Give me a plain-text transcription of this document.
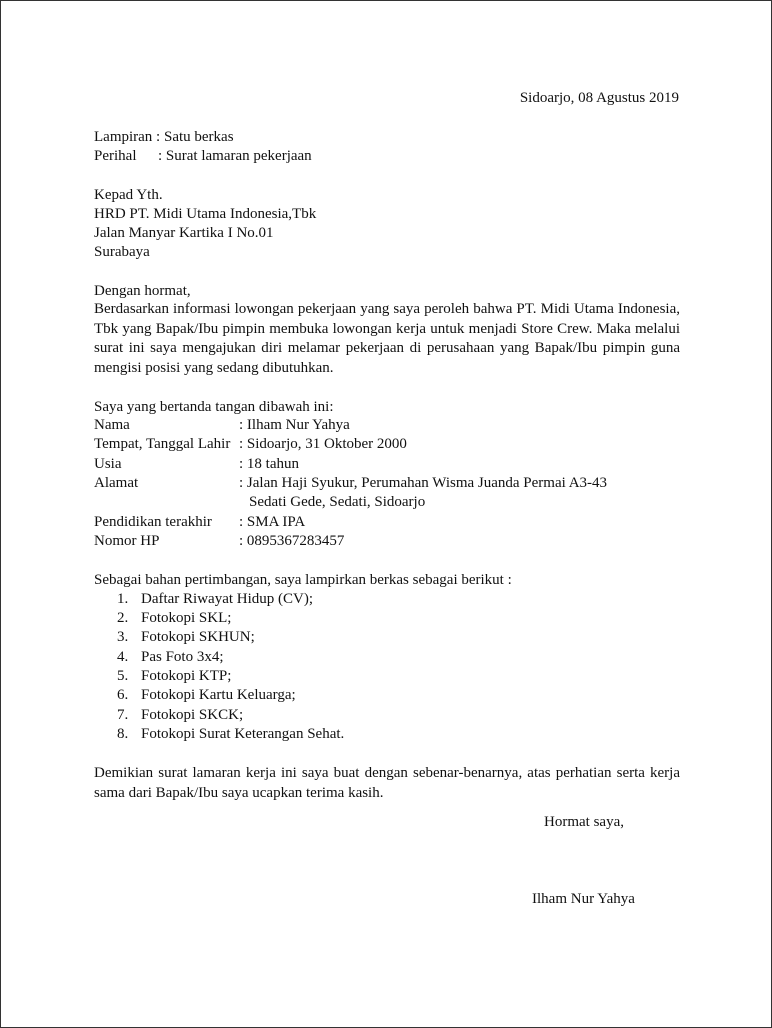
Sidoarjo, 08 Agustus 2019
Lampiran : Satu berkas
Perihal : Surat lamaran pekerjaan
Kepad Yth.
HRD PT. Midi Utama Indonesia,Tbk
Jalan Manyar Kartika I No.01
Surabaya
Dengan hormat,
Berdasarkan informasi lowongan pekerjaan yang saya peroleh bahwa PT. Midi Utama Indonesia, Tbk yang Bapak/Ibu pimpin membuka lowongan kerja untuk menjadi Store Crew. Maka melalui surat ini saya mengajukan diri melamar pekerjaan di perusahaan yang Bapak/Ibu pimpin guna mengisi posisi yang sedang dibutuhkan.
Saya yang bertanda tangan dibawah ini:
Nama	: Ilham Nur Yahya
Tempat, Tanggal Lahir : Sidoarjo, 31 Oktober 2000
Usia	: 18 tahun
Alamat	: Jalan Haji Syukur, Perumahan Wisma Juanda Permai A3-43
Sedati Gede, Sedati, Sidoarjo
Pendidikan terakhir : SMA IPA
Nomor HP	: 0895367283457
Sebagai bahan pertimbangan, saya lampirkan berkas sebagai berikut :
1. Daftar Riwayat Hidup (CV);
2. Fotokopi SKL;
3. Fotokopi SKHUN;
4. Pas Foto 3x4;
5. Fotokopi KTP;
6. Fotokopi Kartu Keluarga;
7. Fotokopi SKCK;
8. Fotokopi Surat Keterangan Sehat.
Demikian surat lamaran kerja ini saya buat dengan sebenar-benarnya, atas perhatian serta kerja sama dari Bapak/Ibu saya ucapkan terima kasih.
Hormat saya,
Ilham Nur Yahya
